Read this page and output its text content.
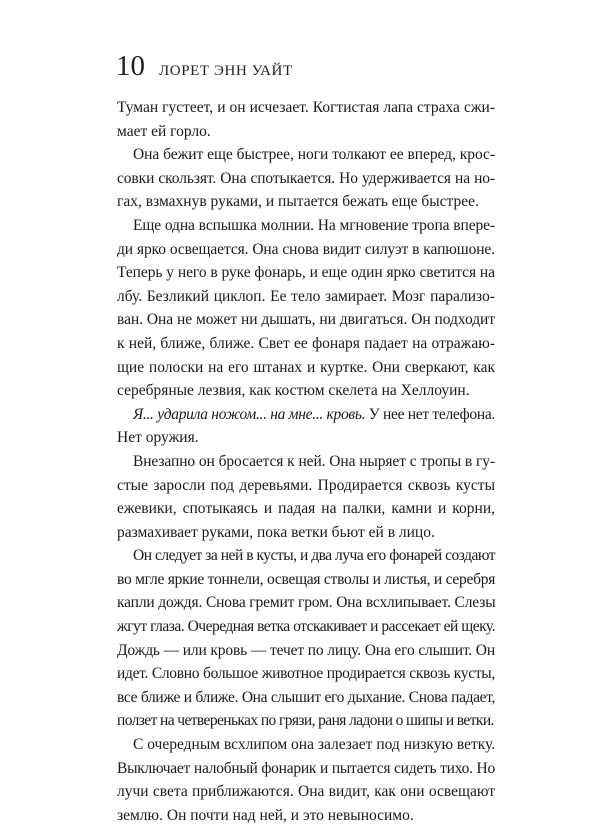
10 ЛОРЕТ ЭНН УАЙТ

Туман густеет, и он исчезает. Когтистая лапа страха сжи-
мает ей горло.

Она бежит еще быстрее, ноги толкают ее вперед, крос-
совки скользят. Она спотыкается. Но удерживается на но-
гах, взмахнув руками, и пытается бежать еще быстрее.

Еще одна вспышка молнии. На мгновение тропа впере-
ди ярко освещается. Она снова видит силуэт в капюшоне.
Теперь у него в руке фонарь, и еще один ярко светится на
лбу. Безликий циклоп. Ее тело замирает. Мозг парализо-
ван. Она не может ни дышать, ни двигаться. Он подходит
к ней, ближе, ближе. Свет ее фонаря падает на отражаю-
щие полоски на его штанах и куртке. Они сверкают, как
серебряные лезвия, как костюм скелета на Хеллоуин.

Я... ударила ножом... на мне... кровь. У нее нет телефона.
Нет оружия.

Внезапно он бросается к ней. Она ныряет с тропы в гу-
стые заросли под деревьями. Продирается сквозь кусты
ежевики, спотыкаясь и падая на палки, камни и корни,
размахивает руками, пока ветки бьют ей в лицо.

Он следует за ней в кусты, и два луча его фонарей создают
во мгле яркие тоннели, освещая стволы и листья, и серебря
капли дождя. Снова гремит гром. Она всхлипывает. Слезы
жгут глаза. Очередная ветка отскакивает и рассекает ей щеку.
Дождь — или кровь — течет по лицу. Она его слышит. Он
идет. Словно большое животное продирается сквозь кусты,
все ближе и ближе. Она слышит его дыхание. Снова падает,
ползет на четвереньках по грязи, раня ладони о шипы и ветки.

С очередным всхлипом она залезает под низкую ветку.
Выключает налобный фонарик и пытается сидеть тихо. Но
лучи света приближаются. Она видит, как они освещают
землю. Он почти над ней, и это невыносимо.
